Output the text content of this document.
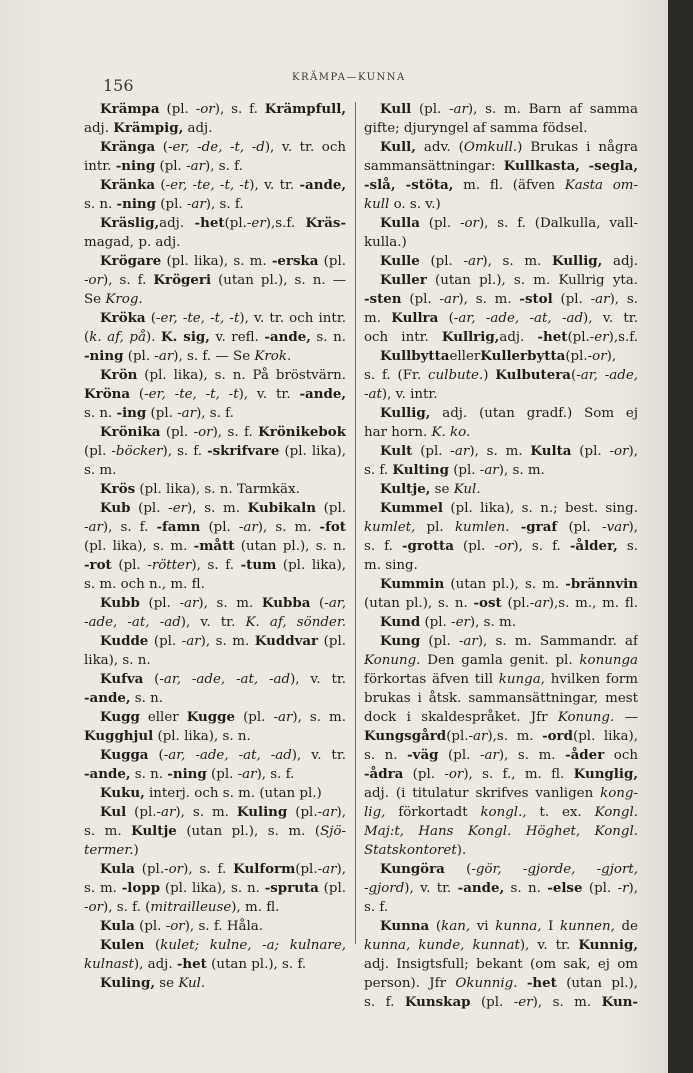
156	KRÄMPA—KUNNA
Krämpa (pl. -or), s. f. Krämpfull,
adj. Krämpig, adj.
Kränga (-er, -de, -t, -d), v. tr. och
intr. -ning (pl. -ar), s. f.
Kränka (-er, -te, -t, -t), v. tr. -ande,
s. n. -ning (pl. -ar), s. f.
Kräslig,adj. -het(pl.-er),s.f. Kräs-
magad, p. adj.
Krögare (pl. lika), s. m. -erska (pl.
-or), s. f. Krögeri (utan pl.), s. n. —
Se Krog.
Kröka (-er, -te, -t, -t), v. tr. och intr.
(k. af, på). K. sig, v. refl. -ande, s. n.
-ning (pl. -ar), s. f. — Se Krok.
Krön (pl. lika), s. n. På bröstvärn.
Kröna (-er, -te, -t, -t), v. tr. -ande,
s. n. -ing (pl. -ar), s. f.
Krönika (pl. -or), s. f. Krönikebok
(pl. -böcker), s. f. -skrifvare (pl. lika),
s. m.
Krös (pl. lika), s. n. Tarmkäx.
Kub (pl. -er), s. m. Kubikaln (pl.
-ar), s. f. -famn (pl. -ar), s. m. -fot
(pl. lika), s. m. -mått (utan pl.), s. n.
-rot (pl. -rötter), s. f. -tum (pl. lika),
s. m. och n., m. fl.
Kubb (pl. -ar), s. m. Kubba (-ar,
-ade, -at, -ad), v. tr. K. af, sönder.
Kudde (pl. -ar), s. m. Kuddvar (pl.
lika), s. n.
Kufva (-ar, -ade, -at, -ad), v. tr.
-ande, s. n.
Kugg eller Kugge (pl. -ar), s. m.
Kugghjul (pl. lika), s. n.
Kugga (-ar, -ade, -at, -ad), v. tr.
-ande, s. n. -ning (pl. -ar), s. f.
Kuku, interj. och s. m. (utan pl.)
Kul (pl.-ar), s. m. Kuling (pl.-ar),
s. m. Kultje (utan pl.), s. m. (Sjö-
termer.)
Kula (pl.-or), s. f. Kulform(pl.-ar),
s. m. -lopp (pl. lika), s. n. -spruta (pl.
-or), s. f. (mitrailleuse), m. fl.
Kula (pl. -or), s. f. Håla.
Kulen (kulet; kulne, -a; kulnare,
kulnast), adj. -het (utan pl.), s. f.
Kuling, se Kul.
Kull (pl. -ar), s. m. Barn af samma
gifte; djuryngel af samma födsel.
Kull, adv. (Omkull.) Brukas i några
sammansättningar: Kullkasta, -segla,
-slå, -stöta, m. fl. (äfven Kasta om-
kull o. s. v.)
Kulla (pl. -or), s. f. (Dalkulla, vall-
kulla.)
Kulle (pl. -ar), s. m. Kullig, adj.
Kuller (utan pl.), s. m. Kullrig yta.
-sten (pl. -ar), s. m. -stol (pl. -ar), s.
m. Kullra (-ar, -ade, -at, -ad), v. tr.
och intr. Kullrig,adj. -het(pl.-er),s.f.
KullbyttaellerKullerbytta(pl.-or),
s. f. (Fr. culbute.) Kulbutera(-ar, -ade,
-at), v. intr.
Kullig, adj. (utan gradf.) Som ej
har horn. K. ko.
Kult (pl. -ar), s. m. Kulta (pl. -or),
s. f. Kulting (pl. -ar), s. m.
Kultje, se Kul.
Kummel (pl. lika), s. n.; best. sing.
kumlet, pl. kumlen. -graf (pl. -var),
s. f. -grotta (pl. -or), s. f. -ålder, s.
m. sing.
Kummin (utan pl.), s. m. -brännvin
(utan pl.), s. n. -ost (pl.-ar),s. m., m. fl.
Kund (pl. -er), s. m.
Kung (pl. -ar), s. m. Sammandr. af
Konung. Den gamla genit. pl. konunga
förkortas äfven till kunga, hvilken form
brukas i åtsk. sammansättningar, mest
dock i skaldespråket. Jfr Konung. —
Kungsgård(pl.-ar),s. m. -ord(pl. lika),
s. n. -väg (pl. -ar), s. m. -åder och
-ådra (pl. -or), s. f., m. fl. Kunglig,
adj. (i titulatur skrifves vanligen kong-
lig, förkortadt kongl., t. ex. Kongl.
Maj:t, Hans Kongl. Höghet, Kongl.
Statskontoret).
Kungöra (-gör, -gjorde, -gjort,
-gjord), v. tr. -ande, s. n. -else (pl. -r),
s. f.
Kunna (kan, vi kunna, I kunnen, de
kunna, kunde, kunnat), v. tr. Kunnig,
adj. Insigtsfull; bekant (om sak, ej om
person). Jfr Okunnig. -het (utan pl.),
s. f. Kunskap (pl. -er), s. m. Kun-
